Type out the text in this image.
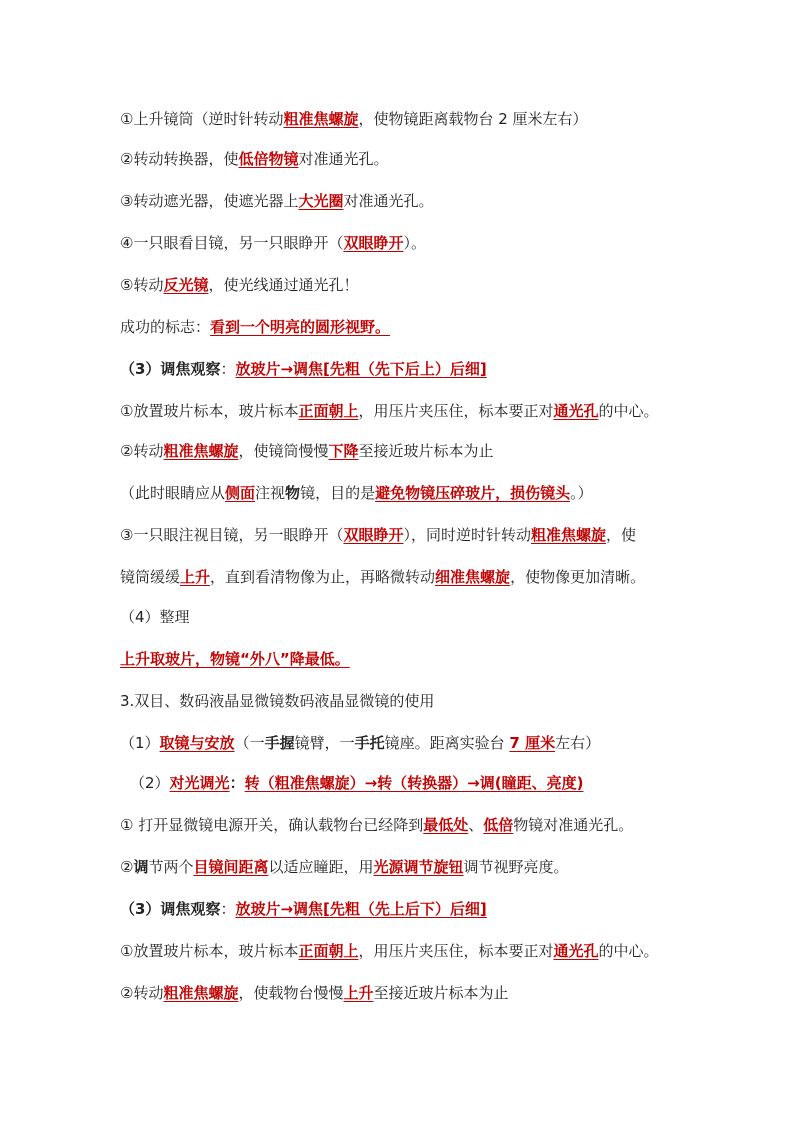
①上升镜筒（逆时针转动粗准焦螺旋，使物镜距离载物台 2 厘米左右）
②转动转换器，使低倍物镜对准通光孔。
③转动遮光器，使遮光器上大光圈对准通光孔。
④一只眼看目镜，另一只眼睁开（双眼睁开）。
⑤转动反光镜，使光线通过通光孔！
成功的标志：看到一个明亮的圆形视野。
（3）调焦观察：放玻片→调焦[先粗（先下后上）后细]
①放置玻片标本，玻片标本正面朝上，用压片夹压住，标本要正对通光孔的中心。
②转动粗准焦螺旋，使镜筒慢慢下降至接近玻片标本为止
（此时眼睛应从侧面注视物镜，目的是避免物镜压碎玻片，损伤镜头。）
③一只眼注视目镜，另一眼睁开（双眼睁开），同时逆时针转动粗准焦螺旋，使
镜筒缓缓上升，直到看清物像为止，再略微转动细准焦螺旋，使物像更加清晰。
（4）整理
上升取玻片，物镜“外八”降最低。
3.双目、数码液晶显微镜数码液晶显微镜的使用
（1）取镜与安放（一手握镜臂，一手托镜座。距离实验台 7 厘米左右）
（2）对光调光：转（粗准焦螺旋）→转（转换器）→调(瞳距、亮度)
① 打开显微镜电源开关，确认载物台已经降到最低处、低倍物镜对准通光孔。
②调节两个目镜间距离以适应瞳距，用光源调节旋钮调节视野亮度。
（3）调焦观察：放玻片→调焦[先粗（先上后下）后细]
①放置玻片标本，玻片标本正面朝上，用压片夹压住，标本要正对通光孔的中心。
②转动粗准焦螺旋，使载物台慢慢上升至接近玻片标本为止
